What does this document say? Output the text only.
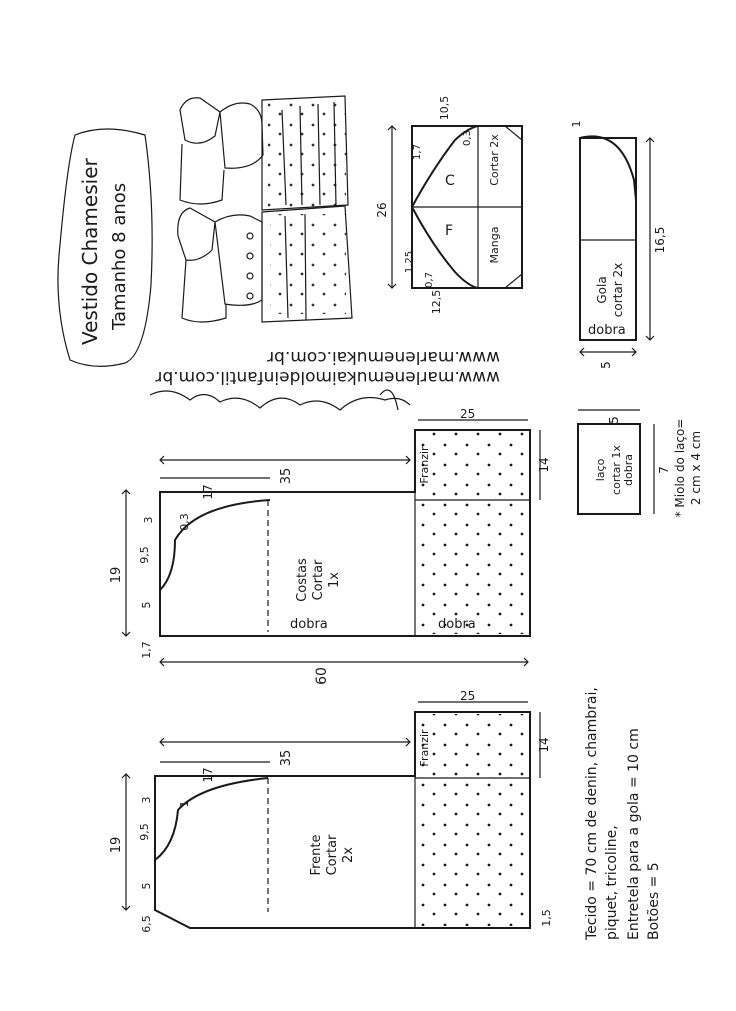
Vestido Chamesier Tamanho 8 anos
www.marlenemukaimoldeinfantil.com.br
www.marlenemukai.com.br
C
F
Cortar 2x
Manga
26
10,5
12,5
1,7
0,3
1,25
0,7	Gola cortar 2x
dobra
16,5
1
5
laço cortar 1x dobra
5
7 * Miolo do laço= 2 cm x 4 cm
Costas Cortar 1x
dobra	dobra
Franzir
25
14
35
17
3 0,3
9,5
19
5
1,7
60
Frente Cortar 2x
Franzir
25
14
35
17
3
1
9,5
19
5
6,5	1,5 Tecido = 70 cm de denin, chambrai, piquet, tricoline, Entretela para a gola = 10 cm Botões = 5
